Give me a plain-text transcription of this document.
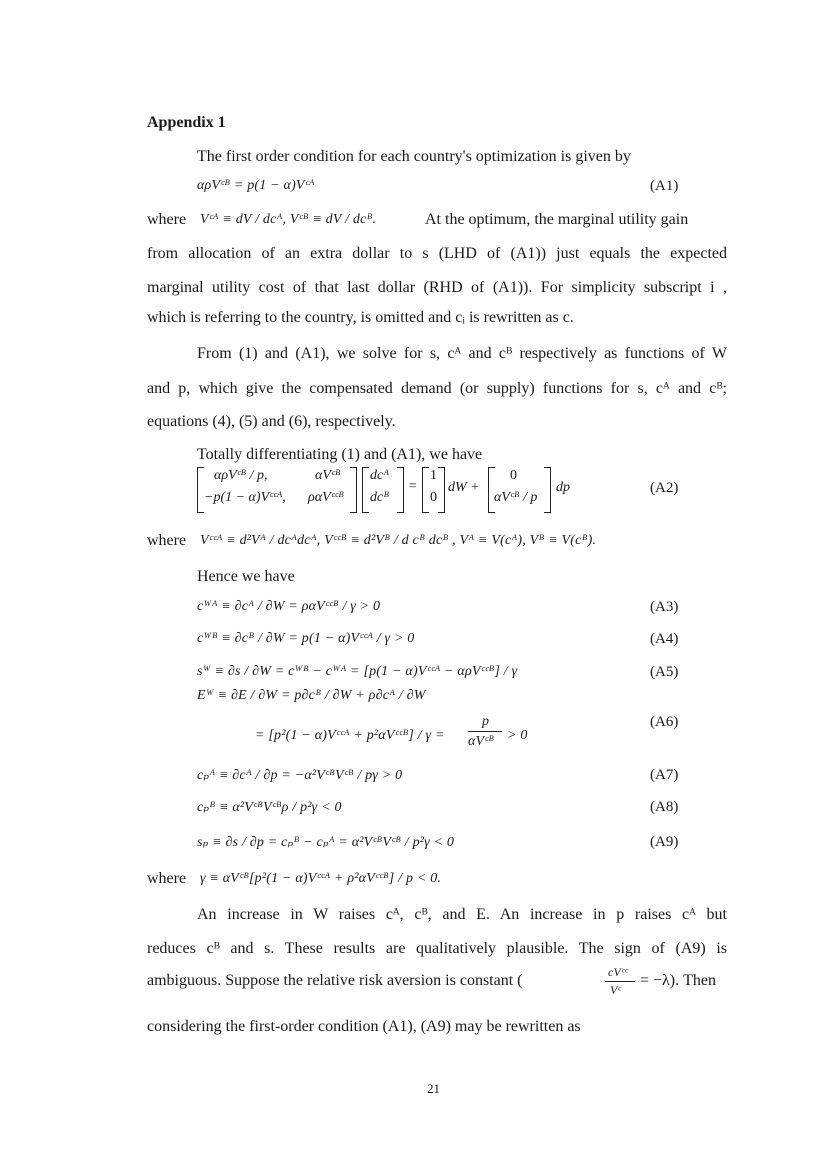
Appendix 1
The first order condition for each country's optimization is given by
αρVᶜᴮ = p(1 − α)Vᶜᴬ	(A1)
where Vᶜᴬ ≡ dV / dcᴬ, Vᶜᴮ ≡ dV / dcᴮ.	At the optimum, the marginal utility gain
from allocation of an extra dollar to s (LHD of (A1)) just equals the expected
marginal utility cost of that last dollar (RHD of (A1)). For simplicity subscript i ,
which is referring to the country, is omitted and cᵢ is rewritten as c.
From (1) and (A1), we solve for s, cᴬ and cᴮ respectively as functions of W
and p, which give the compensated demand (or supply) functions for s, cᴬ and cᴮ;
equations (4), (5) and (6), respectively.
Totally differentiating (1) and (A1), we have
αρVᶜᴮ / p,	αVᶜᴮ
−p(1 − α)Vᶜᶜᴬ, ραVᶜᶜᴮ
dcᴬ
dcᴮ
=
1
0
dW +
0
αVᶜᴮ / p
dp	(A2)
where Vᶜᶜᴬ ≡ d²Vᴬ / dcᴬdcᴬ, Vᶜᶜᴮ ≡ d²Vᴮ / d cᴮ dcᴮ , Vᴬ ≡ V(cᴬ), Vᴮ ≡ V(cᴮ).
Hence we have
cᵂᴬ ≡ ∂cᴬ / ∂W = ραVᶜᶜᴮ / γ > 0	(A3)
cᵂᴮ ≡ ∂cᴮ / ∂W = p(1 − α)Vᶜᶜᴬ / γ > 0	(A4)
sᵂ ≡ ∂s / ∂W = cᵂᴮ − cᵂᴬ = [p(1 − α)Vᶜᶜᴬ − αρVᶜᶜᴮ] / γ	(A5)
Eᵂ ≡ ∂E / ∂W = p∂cᴮ / ∂W + ρ∂cᴬ / ∂W
= [p²(1 − α)Vᶜᶜᴬ + p²αVᶜᶜᴮ] / γ =
p
αVᶜᴮ > 0
(A6)
cₚᴬ ≡ ∂cᴬ / ∂p = −α²VᶜᴮVᶜᴮ / pγ > 0	(A7)
cₚᴮ ≡ α²VᶜᴮVᶜᴮρ / p²γ < 0	(A8)
sₚ ≡ ∂s / ∂p = cₚᴮ − cₚᴬ = α²VᶜᴮVᶜᴮ / p²γ < 0	(A9)
where γ ≡ αVᶜᴮ[p²(1 − α)Vᶜᶜᴬ + ρ²αVᶜᶜᴮ] / p < 0.
An increase in W raises cᴬ, cᴮ, and E. An increase in p raises cᴬ but
reduces cᴮ and s. These results are qualitatively plausible. The sign of (A9) is
ambiguous. Suppose the relative risk aversion is constant (	cVᶜᶜ
Vᶜ
= −λ). Then
considering the first-order condition (A1), (A9) may be rewritten as
21
